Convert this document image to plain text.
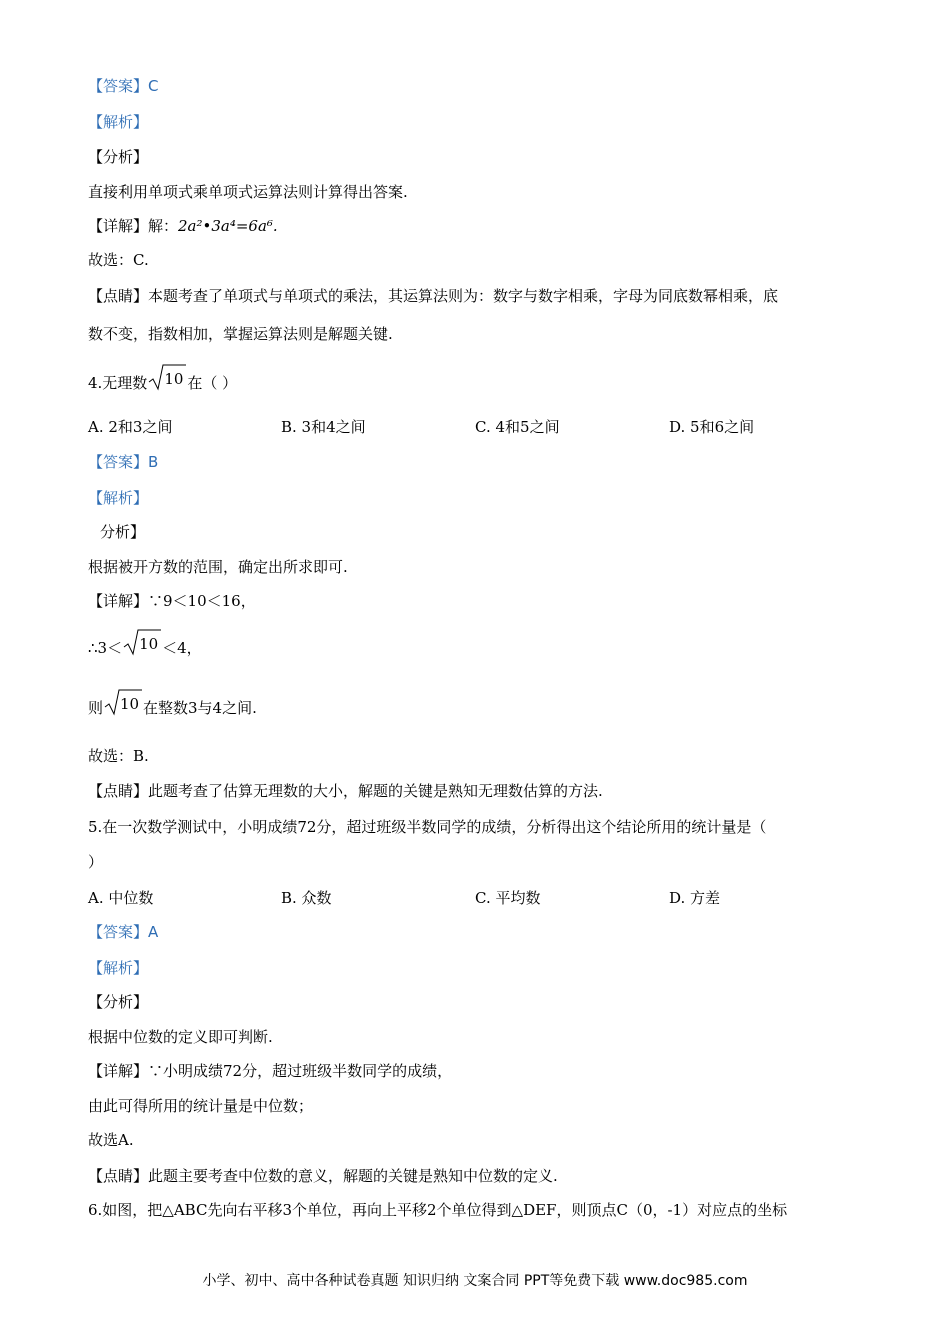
【答案】C
【解析】
【分析】
直接利用单项式乘单项式运算法则计算得出答案.
【详解】解：2a²•3a⁴=6a⁶.
故选：C.
【点睛】本题考查了单项式与单项式的乘法，其运算法则为：数字与数字相乘，字母为同底数幂相乘，底
数不变，指数相加，掌握运算法则是解题关键.
4.无理数 10 在（ ）
A. 2和3之间	B. 3和4之间	C. 4和5之间	D. 5和6之间
【答案】B
【解析】
分析】
根据被开方数的范围，确定出所求即可.
【详解】∵9＜10＜16，
∴3＜ 10 ＜4，
则 10 在整数3与4之间.
故选：B.
【点睛】此题考查了估算无理数的大小，解题的关键是熟知无理数估算的方法.
5.在一次数学测试中，小明成绩72分，超过班级半数同学的成绩，分析得出这个结论所用的统计量是（
）
A. 中位数	B. 众数	C. 平均数	D. 方差
【答案】A
【解析】
【分析】
根据中位数的定义即可判断.
【详解】∵小明成绩72分，超过班级半数同学的成绩，
由此可得所用的统计量是中位数；
故选A.
【点睛】此题主要考查中位数的意义，解题的关键是熟知中位数的定义.
6.如图，把△ABC先向右平移3个单位，再向上平移2个单位得到△DEF，则顶点C（0，-1）对应点的坐标
小学、初中、高中各种试卷真题 知识归纳 文案合同 PPT等免费下载 www.doc985.com
